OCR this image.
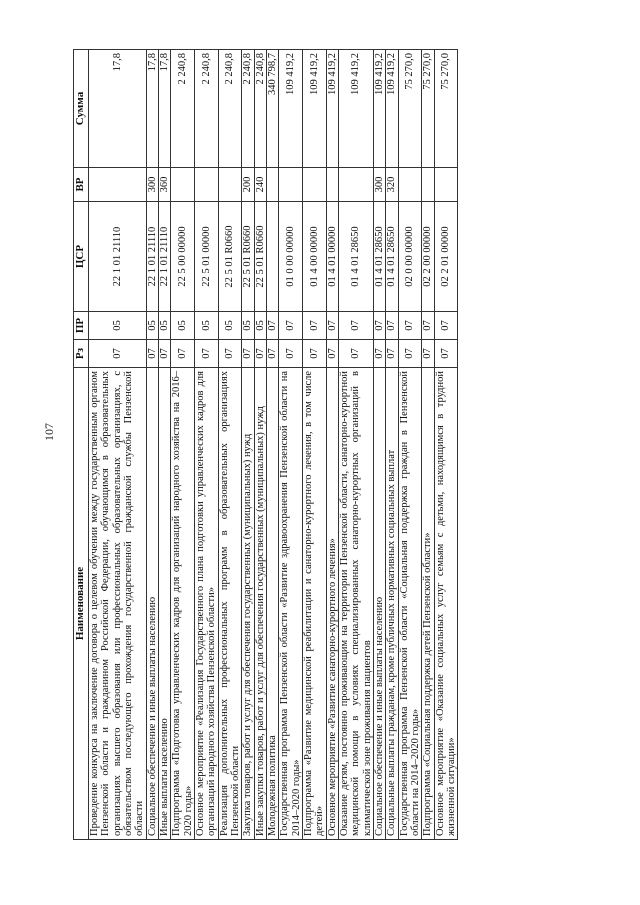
107
Наименование	Рз	ПР	ЦСР	ВР	Сумма
Проведение конкурса на заключение договора о целевом обучении между государственным органом Пензенской области и гражданином Российской Федерации, обучающимся в образовательных организациях высшего образования или профессиональных образовательных организациях, с обязательством последующего прохождения государственной гражданской службы Пензенской области	07	05	22 1 01 21110		17,8
Социальное обеспечение и иные выплаты населению	07	05	22 1 01 21110	300	17,8
Иные выплаты населению	07	05	22 1 01 21110	360	17,8
Подпрограмма «Подготовка управленческих кадров для организаций народного хозяйства на 2016–2020 годы»	07	05	22 5 00 00000		2 240,8
Основное мероприятие «Реализация Государственного плана подготовки управленческих кадров для организаций народного хозяйства Пензенской области»	07	05	22 5 01 00000		2 240,8
Реализация дополнительных профессиональных программ в образовательных организациях Пензенской области	07	05	22 5 01 R0660		2 240,8
Закупка товаров, работ и услуг для обеспечения государственных (муниципальных) нужд	07	05	22 5 01 R0660	200	2 240,8
Иные закупки товаров, работ и услуг для обеспечения государственных (муниципальных) нужд	07	05	22 5 01 R0660	240	2 240,8
Молодежная политика	07	07			340 798,7
Государственная программа Пензенской области «Развитие здравоохранения Пензенской области на 2014–2020 годы»	07	07	01 0 00 00000		109 419,2
Подпрограмма «Развитие медицинской реабилитации и санаторно-курортного лечения, в том числе детей»	07	07	01 4 00 00000		109 419,2
Основное мероприятие «Развитие санаторно-курортного лечения»	07	07	01 4 01 00000		109 419,2
Оказание детям, постоянно проживающим на территории Пензенской области, санаторно-курортной медицинской помощи в условиях специализированных санаторно-курортных организаций в климатической зоне проживания пациентов	07	07	01 4 01 28650		109 419,2
Социальное обеспечение и иные выплаты населению	07	07	01 4 01 28650	300	109 419,2
Социальные выплаты гражданам, кроме публичных нормативных социальных выплат	07	07	01 4 01 28650	320	109 419,2
Государственная программа Пензенской области «Социальная поддержка граждан в Пензенской области на 2014–2020 годы»	07	07	02 0 00 00000		75 270,0
Подпрограмма «Социальная поддержка детей Пензенской области»	07	07	02 2 00 00000		75 270,0
Основное мероприятие «Оказание социальных услуг семьям с детьми, находящимся в трудной жизненной ситуации»	07	07	02 2 01 00000		75 270,0
